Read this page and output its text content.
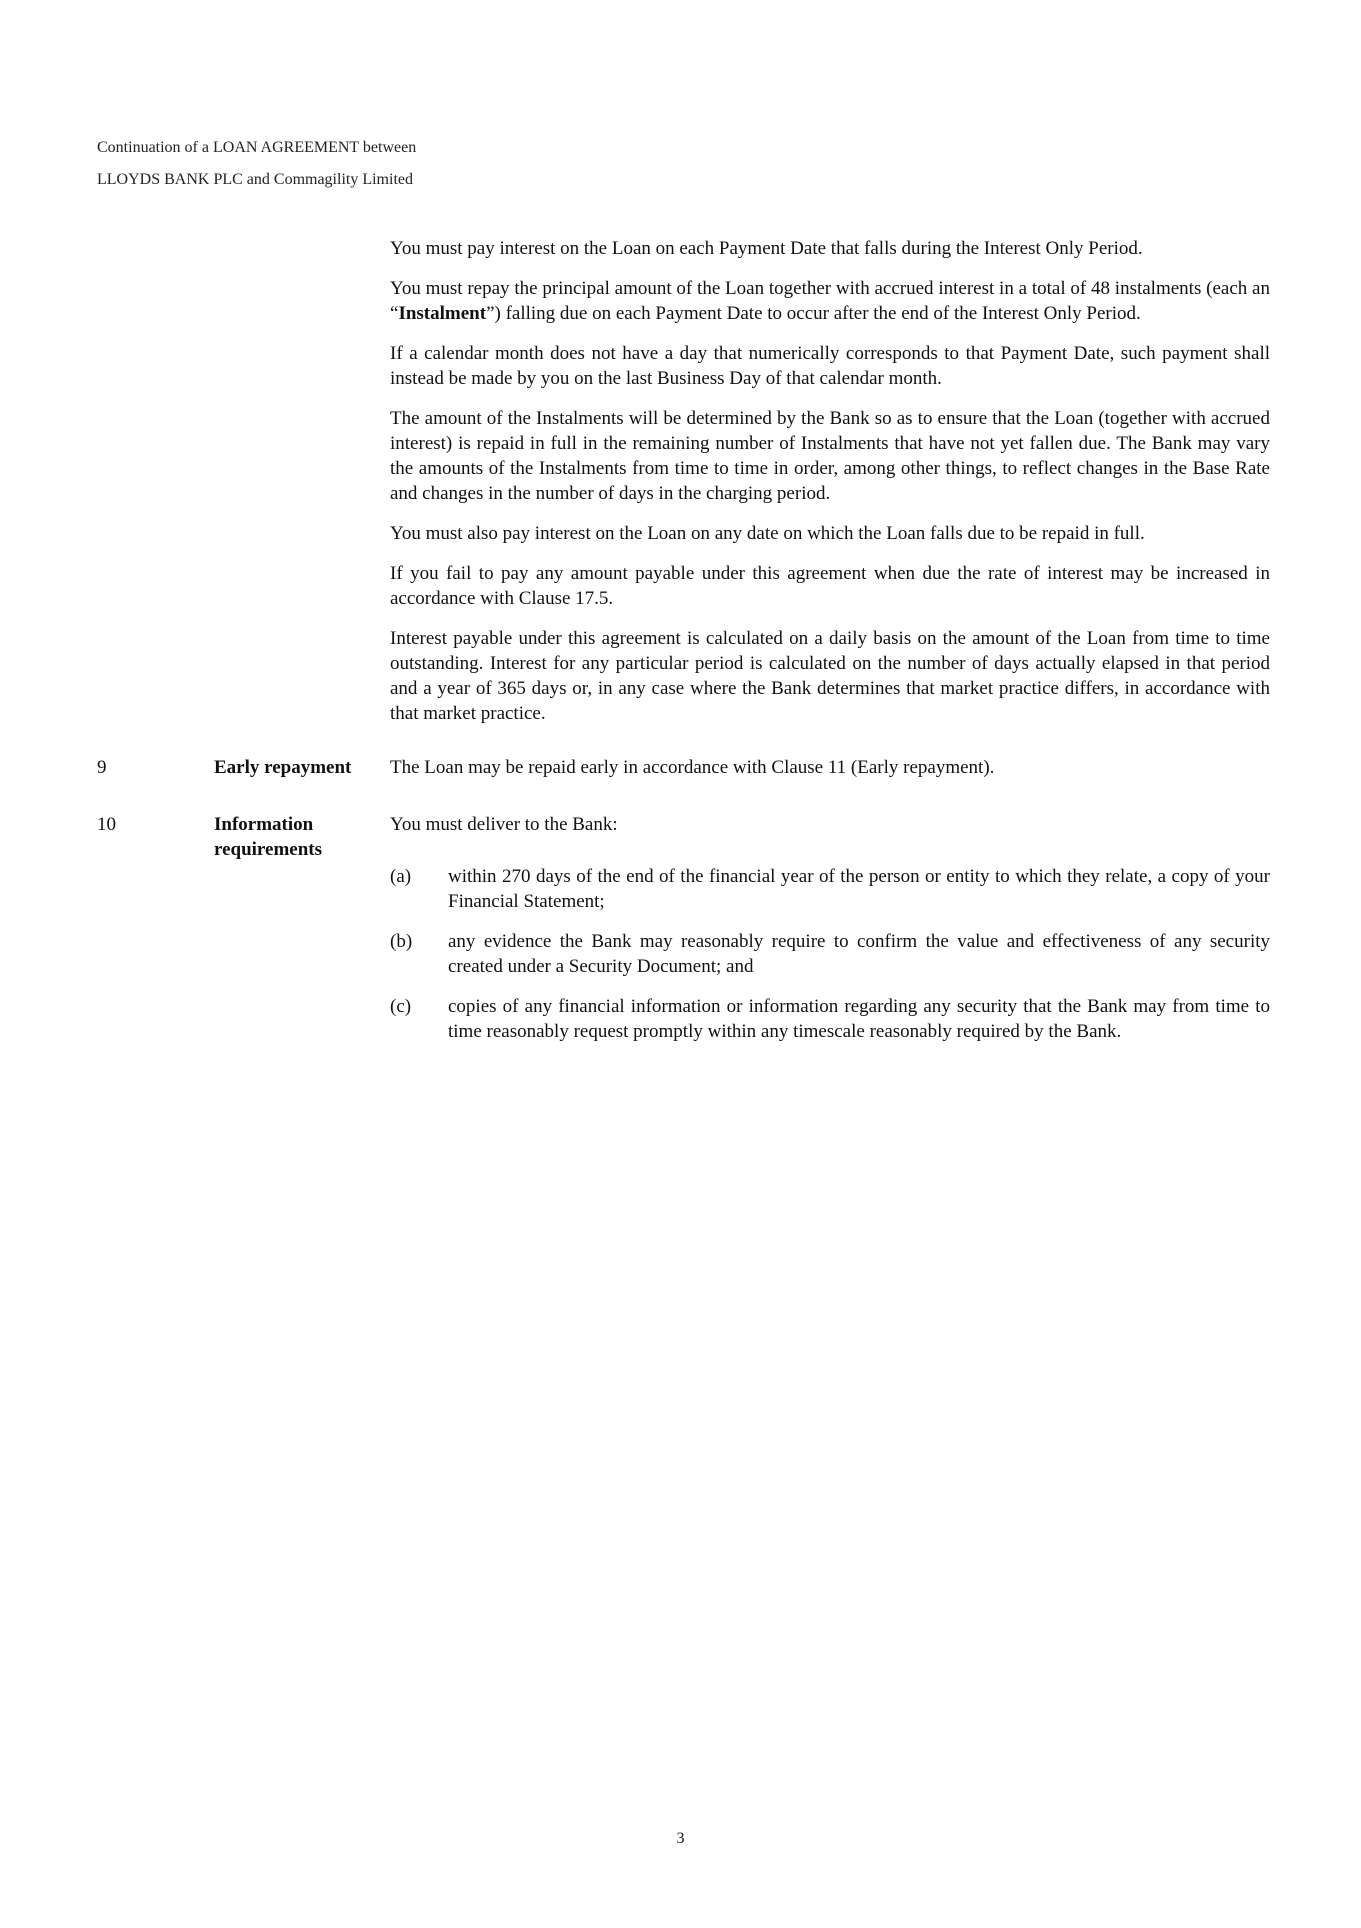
Continuation of a LOAN AGREEMENT between
LLOYDS BANK PLC and Commagility Limited

You must pay interest on the Loan on each Payment Date that falls during the Interest Only Period.

You must repay the principal amount of the Loan together with accrued interest in a total of 48 instalments (each an “Instalment”) falling due on each Payment Date to occur after the end of the Interest Only Period.

If a calendar month does not have a day that numerically corresponds to that Payment Date, such payment shall instead be made by you on the last Business Day of that calendar month.

The amount of the Instalments will be determined by the Bank so as to ensure that the Loan (together with accrued interest) is repaid in full in the remaining number of Instalments that have not yet fallen due. The Bank may vary the amounts of the Instalments from time to time in order, among other things, to reflect changes in the Base Rate and changes in the number of days in the charging period.

You must also pay interest on the Loan on any date on which the Loan falls due to be repaid in full.

If you fail to pay any amount payable under this agreement when due the rate of interest may be increased in accordance with Clause 17.5.

Interest payable under this agreement is calculated on a daily basis on the amount of the Loan from time to time outstanding. Interest for any particular period is calculated on the number of days actually elapsed in that period and a year of 365 days or, in any case where the Bank determines that market practice differs, in accordance with that market practice.

9	Early repayment	The Loan may be repaid early in accordance with Clause 11 (Early repayment).

10	Information requirements

You must deliver to the Bank:

(a) within 270 days of the end of the financial year of the person or entity to which they relate, a copy of your Financial Statement;
(b) any evidence the Bank may reasonably require to confirm the value and effectiveness of any security created under a Security Document; and
(c) copies of any financial information or information regarding any security that the Bank may from time to time reasonably request promptly within any timescale reasonably required by the Bank.
3
